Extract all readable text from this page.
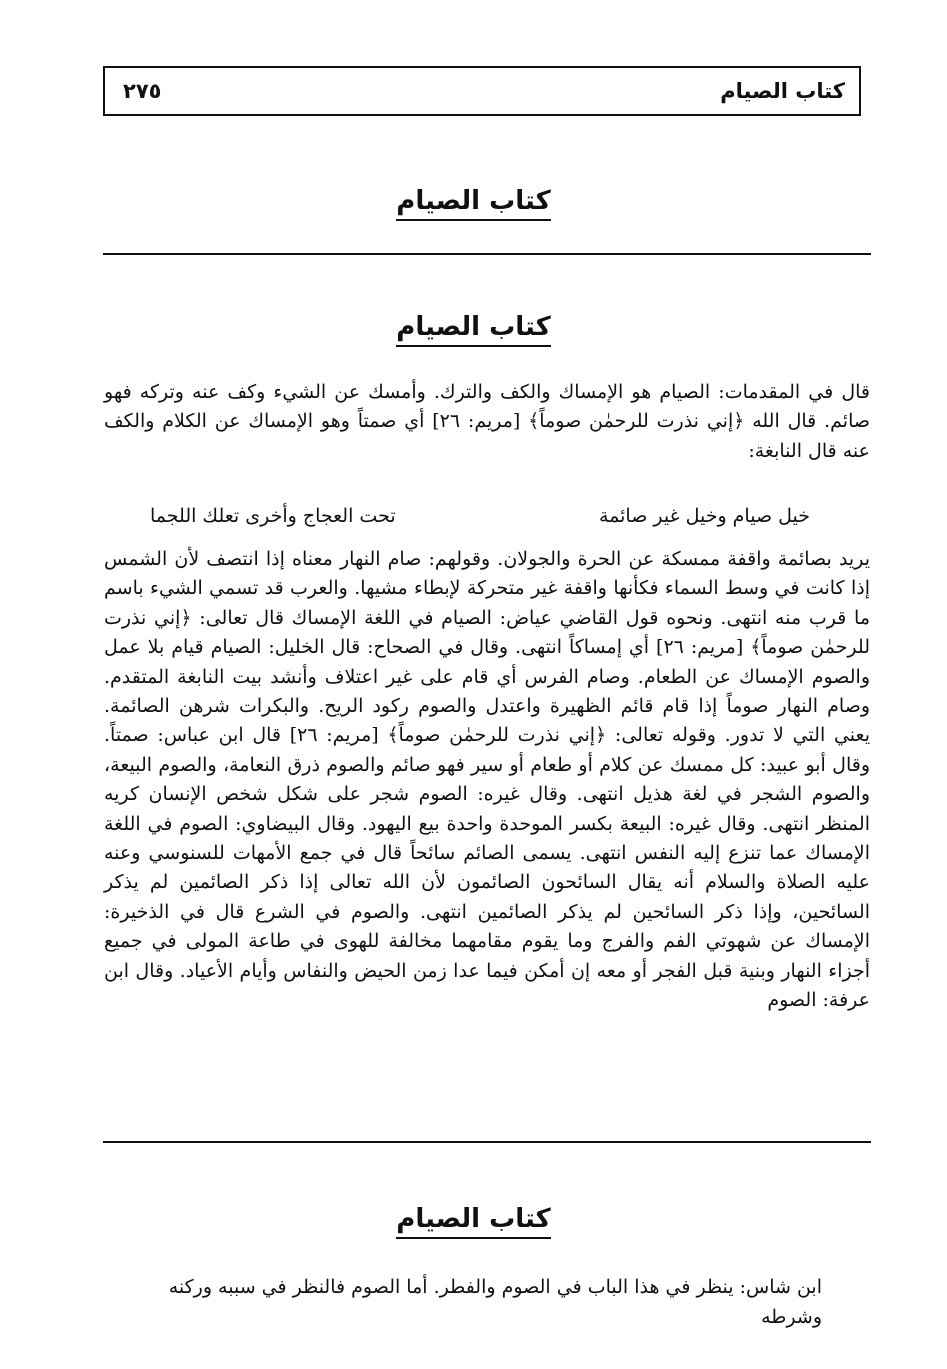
كتاب الصيام
٢٧٥
كتاب الصيام
كتاب الصيام

قال في المقدمات: الصيام هو الإمساك والكف والترك. وأمسك عن الشيء وكف عنه وتركه فهو صائم. قال الله ﴿إني نذرت للرحمٰن صوماً﴾ [مريم: ٢٦] أي صمتاً وهو الإمساك عن الكلام والكف عنه قال النابغة:

خيل صيام وخيل غير صائمة
تحت العجاج وأخرى تعلك اللجما

يريد بصائمة واقفة ممسكة عن الحرة والجولان. وقولهم: صام النهار معناه إذا انتصف لأن الشمس إذا كانت في وسط السماء فكأنها واقفة غير متحركة لإبطاء مشيها. والعرب قد تسمي الشيء باسم ما قرب منه انتهى. ونحوه قول القاضي عياض: الصيام في اللغة الإمساك قال تعالى: ﴿إني نذرت للرحمٰن صوماً﴾ [مريم: ٢٦] أي إمساكاً انتهى. وقال في الصحاح: قال الخليل: الصيام قيام بلا عمل والصوم الإمساك عن الطعام. وصام الفرس أي قام على غير اعتلاف وأنشد بيت النابغة المتقدم. وصام النهار صوماً إذا قام قائم الظهيرة واعتدل والصوم ركود الريح. والبكرات شرهن الصائمة. يعني التي لا تدور. وقوله تعالى: ﴿إني نذرت للرحمٰن صوماً﴾ [مريم: ٢٦] قال ابن عباس: صمتاً. وقال أبو عبيد: كل ممسك عن كلام أو طعام أو سير فهو صائم والصوم ذرق النعامة، والصوم البيعة، والصوم الشجر في لغة هذيل انتهى. وقال غيره: الصوم شجر على شكل شخص الإنسان كريه المنظر انتهى. وقال غيره: البيعة بكسر الموحدة واحدة بيع اليهود. وقال البيضاوي: الصوم في اللغة الإمساك عما تنزع إليه النفس انتهى. يسمى الصائم سائحاً قال في جمع الأمهات للسنوسي وعنه عليه الصلاة والسلام أنه يقال السائحون الصائمون لأن الله تعالى إذا ذكر الصائمين لم يذكر السائحين، وإذا ذكر السائحين لم يذكر الصائمين انتهى. والصوم في الشرع قال في الذخيرة: الإمساك عن شهوتي الفم والفرج وما يقوم مقامهما مخالفة للهوى في طاعة المولى في جميع أجزاء النهار وبنية قبل الفجر أو معه إن أمكن فيما عدا زمن الحيض والنفاس وأيام الأعياد. وقال ابن عرفة: الصوم

كتاب الصيام

ابن شاس: ينظر في هذا الباب في الصوم والفطر. أما الصوم فالنظر في سببه وركنه وشرطه
